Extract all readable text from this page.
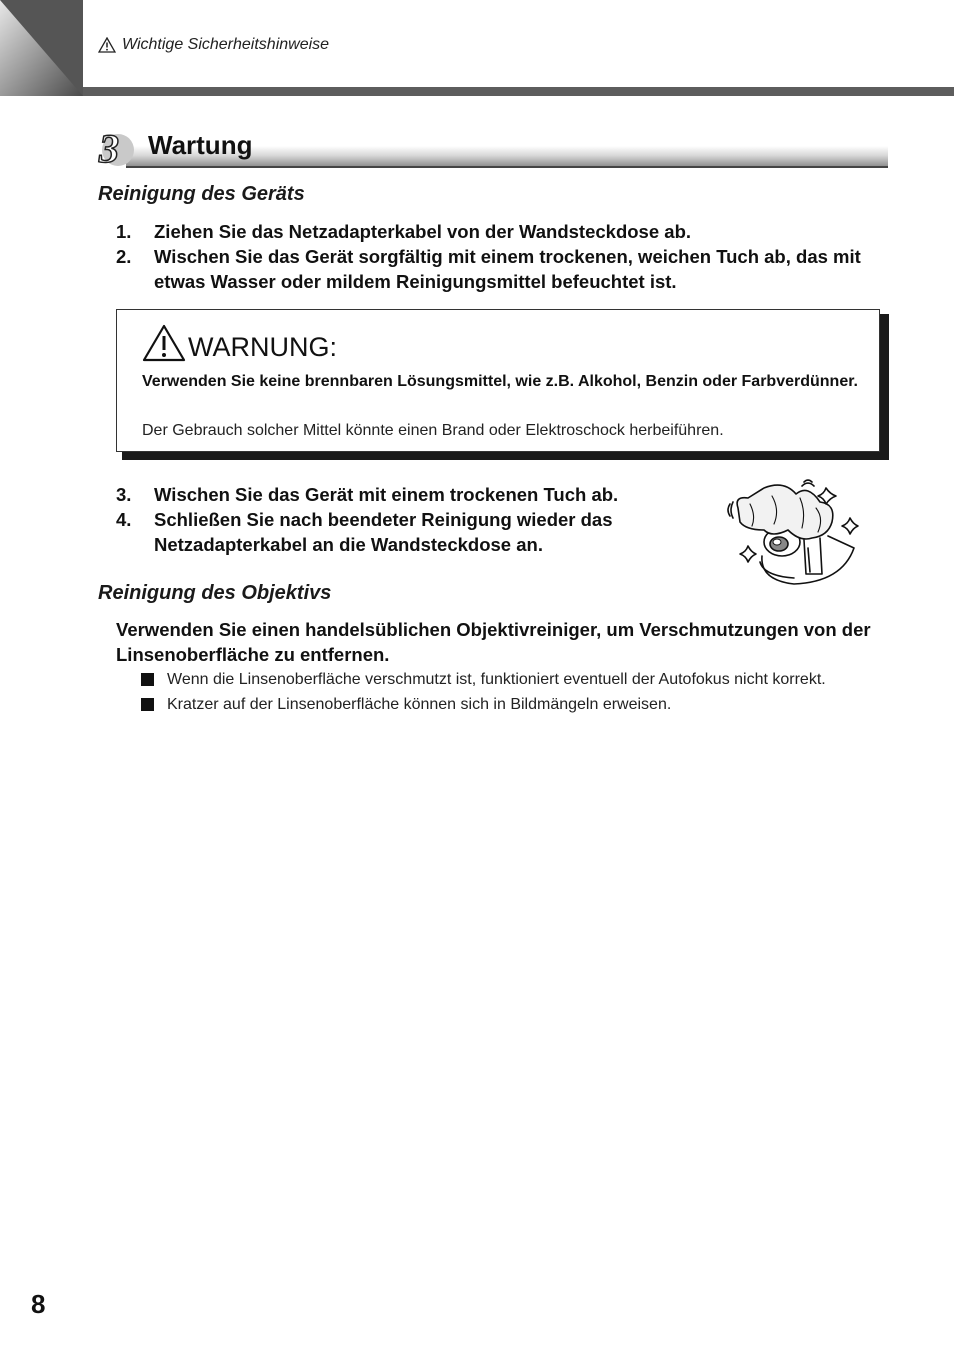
Wichtige Sicherheitshinweise
3 Wartung
Reinigung des Geräts
1.	Ziehen Sie das Netzadapterkabel von der Wandsteckdose ab.
2.	Wischen Sie das Gerät sorgfältig mit einem trockenen, weichen Tuch ab, das mit etwas Wasser oder mildem Reinigungsmittel befeuchtet ist.
WARNUNG:
Verwenden Sie keine brennbaren Lösungsmittel, wie z.B. Alkohol, Benzin oder Farbverdünner.
Der Gebrauch solcher Mittel könnte einen Brand oder Elektroschock herbeiführen.
3.	Wischen Sie das Gerät mit einem trockenen Tuch ab.
4.	Schließen Sie nach beendeter Reinigung wieder das Netzadapterkabel an die Wandsteckdose an.
Reinigung des Objektivs
Verwenden Sie einen handelsüblichen Objektivreiniger, um Verschmutzungen von der Linsenoberfläche zu entfernen.
Wenn die Linsenoberfläche verschmutzt ist, funktioniert eventuell der Autofokus nicht korrekt.
Kratzer auf der Linsenoberfläche können sich in Bildmängeln erweisen.
8
